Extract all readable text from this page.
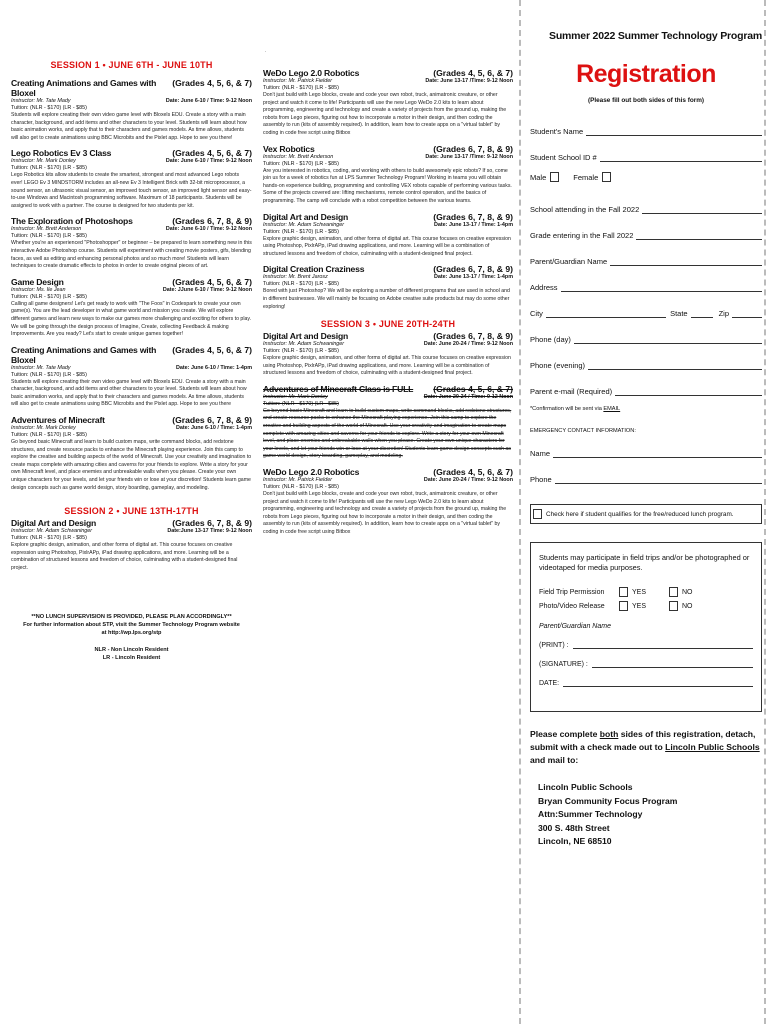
SESSION 1 • JUNE 6TH - JUNE 10TH
Creating Animations and Games with Bloxel
(Grades 4, 5, 6, & 7)
Instructor: Mr. Tate Mady	Date: June 6-10 / Time: 9-12 Noon
Tuition: (NLR - $170) (LR - $85)
Students will explore creating their own video game level with Bloxels EDU. Create a story with a main character, background, and add items and other characters to your level. Students will learn about how basic animation works, and apply that to their characters and games models. As time allows, students will also get to create animations using BBC Microbits and the Pixlet app. Hope to see you there!
Lego Robotics Ev 3 Class	(Grades 4, 5, 6, & 7)
Instructor: Mr. Mark Donley	Date: June 6-10 / Time: 9-12 Noon
Tuition: (NLR - $170) (LR - $85)
Lego Robotics kits allow students to create the smartest, strongest and most advanced Lego robots ever! LEGO Ev 3 MINDSTORM includes an all-new Ev 3 Intelligent Brick with 32-bit microprocessor, a sound sensor, an ultrasonic visual sensor, an improved touch sensor, an improved light sensor and easy-to-use Windows and Macintosh programming software. Maximum of 18 participants. Students will be assigned to work with a partner. The course is designed for two students per kit.
The Exploration of Photoshops	(Grades 6, 7, 8, & 9)
Instructor: Mr. Brett Anderson	Date: June 6-10 / Time: 9-12 Noon
Tuition: (NLR - $170) (LR - $85)
Whether you're an experienced "Photoshopper" or beginner – be prepared to learn something new in this interactive Adobe Photoshop course. Students will experiment with creating movie posters, gifs, blending faces, as well as editing and enhancing personal photos and so much more! Students will learn techniques to create dramatic effects to photos in order to create original pieces of art.
Game Design	(Grades 4, 5, 6, & 7)
Instructor: Ms. Ile Jean	Date: JJune 6-10 / Time: 9-12 Noon
Tuition: (NLR - $170) (LR - $85)
Calling all game designers! Let's get ready to work with "The Foos" in Codespark to create your own game(s). You are the lead developer in what game world and mission you create. We will explore different games and learn new ways to make our games more challenging and exciting for others to play. We will be going through the design process of Imagine, Create, collecting Feedback & making Improvements. Are you ready? Let's start to create unique games together!
Creating Animations and Games with Bloxel
(Grades 4, 5, 6, & 7)
Instructor: Mr. Tate Mady	Date: June 6-10 / Time: 1-4pm
Tuition: (NLR - $170) (LR - $85)
Students will explore creating their own video game level with Bloxels EDU. Create a story with a main character, background, and add items and other characters to your level. Students will learn about how basic animation works, and apply that to their characters and games models. As time allows, students will also get to create animations using BBC Microbits and the Pixlet app. Hope to see you there
Adventures of Minecraft	(Grades 6, 7, 8, & 9)
Instructor: Mr. Mark Donley	Date: June 6-10 / Time: 1-4pm
Tuition: (NLR - $170) (LR - $85)
Go beyond basic Minecraft and learn to build custom maps, write command blocks, add redstone structures, and create resource packs to enhance the Minecraft playing experience. Join this camp to explore the creative and building aspects of the world of Minecraft. Use your creativity and imagination to create maps complete with amazing cities and caverns for your friends to explore. Write a story for your own Minecraft level, and place enemies and unbreakable walls when you please. Create your own unique characters for your levels, and let your friends win or lose at your discretion! Students learn game design concepts such as game world design, story boarding, gameplay, and modeling.
SESSION 2 • JUNE 13TH-17TH
Digital Art and Design	(Grades 6, 7, 8, & 9)
Instructor: Mr. Adam Schwaninger	Date:June 13-17 Time: 9-12 Noon
Tuition: (NLR - $170) (LR - $85)
Explore graphic design, animation, and other forms of digital art. This course focuses on creative expression using Photoshop, PixlrAPp, iPad drawing applications, and more. Learning will be a combination of structured lessons and freedom of choice, culminating with a student-designed final project.
**NO LUNCH SUPERVISION IS PROVIDED, PLEASE PLAN ACCORDINGLY**
For further information about STP, visit the Summer Technology Program website
at http://wp.lps.org/stp
NLR - Non Lincoln Resident
LR - Lincoln Resident
.
WeDo Lego 2.0 Robotics	(Grades 4, 5, 6, & 7)
Instructor: Mr. Patrick Fielder	Date: June 13-17 /Time: 9-12 Noon
Tuition: (NLR - $170) (LR - $85)
Don't just build with Lego blocks, create and code your own robot, truck, animatronic creature, or other project and watch it come to life! Participants will use the new Lego WeDo 2.0 kits to learn about programming, engineering and technology and create a variety of projects from the ground up, making the robots from Lego pieces, figuring out how to incorporate a motor in their design, and then coding the assembly to run (kits of assembly required). In addition, learn how to create apps on a "virtual tablet" by coding in code free script using Bitbox
Vex Robotics	(Grades 6, 7, 8, & 9)
Instructor: Mr. Brett Anderson	Date: June 13-17 /Time: 9-12 Noon
Tuition: (NLR - $170) (LR - $85)
Are you interested in robotics, coding, and working with others to build awesomely epic robots? If so, come join us for a week of robotics fun at LPS Summer Technology Program! Working in teams you will obtain hands-on experience building, programming and controlling VEX robots capable of performing various tasks. Some of the projects covered are: lifting mechanisms, remote control operation, and the basics of programming. The camp will conclude with a robot competition between the various teams.
Digital Art and Design	(Grades 6, 7, 8, & 9)
Instructor: Mr. Adam Schwaninger	Date: June 13-17 / Time: 1-4pm
Tuition: (NLR - $170) (LR - $85)
Explore graphic design, animation, and other forms of digital art. This course focuses on creative expression using Photoshop, PixlrAPp, iPad drawing applications, and more. Learning will be a combination of structured lessons and freedom of choice, culminating with a student-designed final project.
Digital Creation Craziness	(Grades 6, 7, 8, & 9)
Instructor: Mr. Brent Jarosz	Date: June 13-17 / Time: 1-4pm
Tuition: (NLR - $170) (LR - $85)
Bored with just Photoshop? We will be exploring a number of different programs that are used in school and in different businesses. We will mainly be focusing on Adobe creative suite products but may do some other exploring!
SESSION 3 • JUNE 20TH-24TH
Digital Art and Design	(Grades 6, 7, 8, & 9)
Instructor: Mr. Adam Schwaninger	Date: June 20-24 / Time: 9-12 Noon
Tuition: (NLR - $170) (LR - $85)
Explore graphic design, animation, and other forms of digital art. This course focuses on creative expression using Photoshop, PixlrAPp, iPad drawing applications, and more. Learning will be a combination of structured lessons and freedom of choice, culminating with a student-designed final project.
Adventures of Minecraft Class is FULL (Grades 4, 5, 6, & 7)
Instructor: Mr. Mark Donley	Date: June 20-24 / Time: 9-12 Noon
Tuition: (NLR - $170) (LR - $85)
Go beyond basic Minecraft and learn to build custom maps, write command blocks, add redstone structures, and create resource packs to enhance the Minecraft playing experience. Join this camp to explore the creative and building aspects of the world of Minecraft. Use your creativity and imagination to create maps complete with amazing cities and caverns for your friends to explore. Write a story for your own Minecraft level, and place enemies and unbreakable walls when you please. Create your own unique characters for your levels, and let your friends win or lose at your discretion! Students learn game design concepts such as game world design, story boarding, gameplay, and modeling.
WeDo Lego 2.0 Robotics	(Grades 4, 5, 6, & 7)
Instructor: Mr. Patrick Fielder	Date: June 20-24 / Time: 9-12 Noon
Tuition: (NLR - $170) (LR - $85)
Don't just build with Lego blocks, create and code your own robot, truck, animatronic creature, or other project and watch it come to life! Participants will use the new Lego WeDo 2.0 kits to learn about programming, engineering and technology and create a variety of projects from the ground up, making the robots from Lego pieces, figuring out how to incorporate a motor in their design, and then coding the assembly to run (kits of assembly required). In addition, learn how to create apps on a "virtual tablet" by coding in code free script using Bitbox
Summer 2022 Summer Technology Program
Registration
(Please fill out both sides of this form)
Student's Name
Student School ID #
Male	Female
School attending in the Fall 2022
Grade entering in the Fall 2022
Parent/Guardian Name
Address
City	State	Zip
Phone (day)
Phone (evening)
Parent e-mail (Required)
*Confirmation will be sent via EMAIL
EMERGENCY CONTACT INFORMATION:
Name
Phone
Check here if student qualifies for the free/reduced lunch program.
Students may participate in field trips and/or be photographed or videotaped for media purposes.
Field Trip Permission	YES	NO
Photo/Video Release	YES	NO
Parent/Guardian Name
(PRINT) :
(SIGNATURE) :
DATE:
Please complete both sides of this registration, detach, submit with a check made out to Lincoln Public Schools and mail to:
Lincoln Public Schools
Bryan Community Focus Program
Attn:Summer Technology
300 S. 48th Street
Lincoln, NE 68510
